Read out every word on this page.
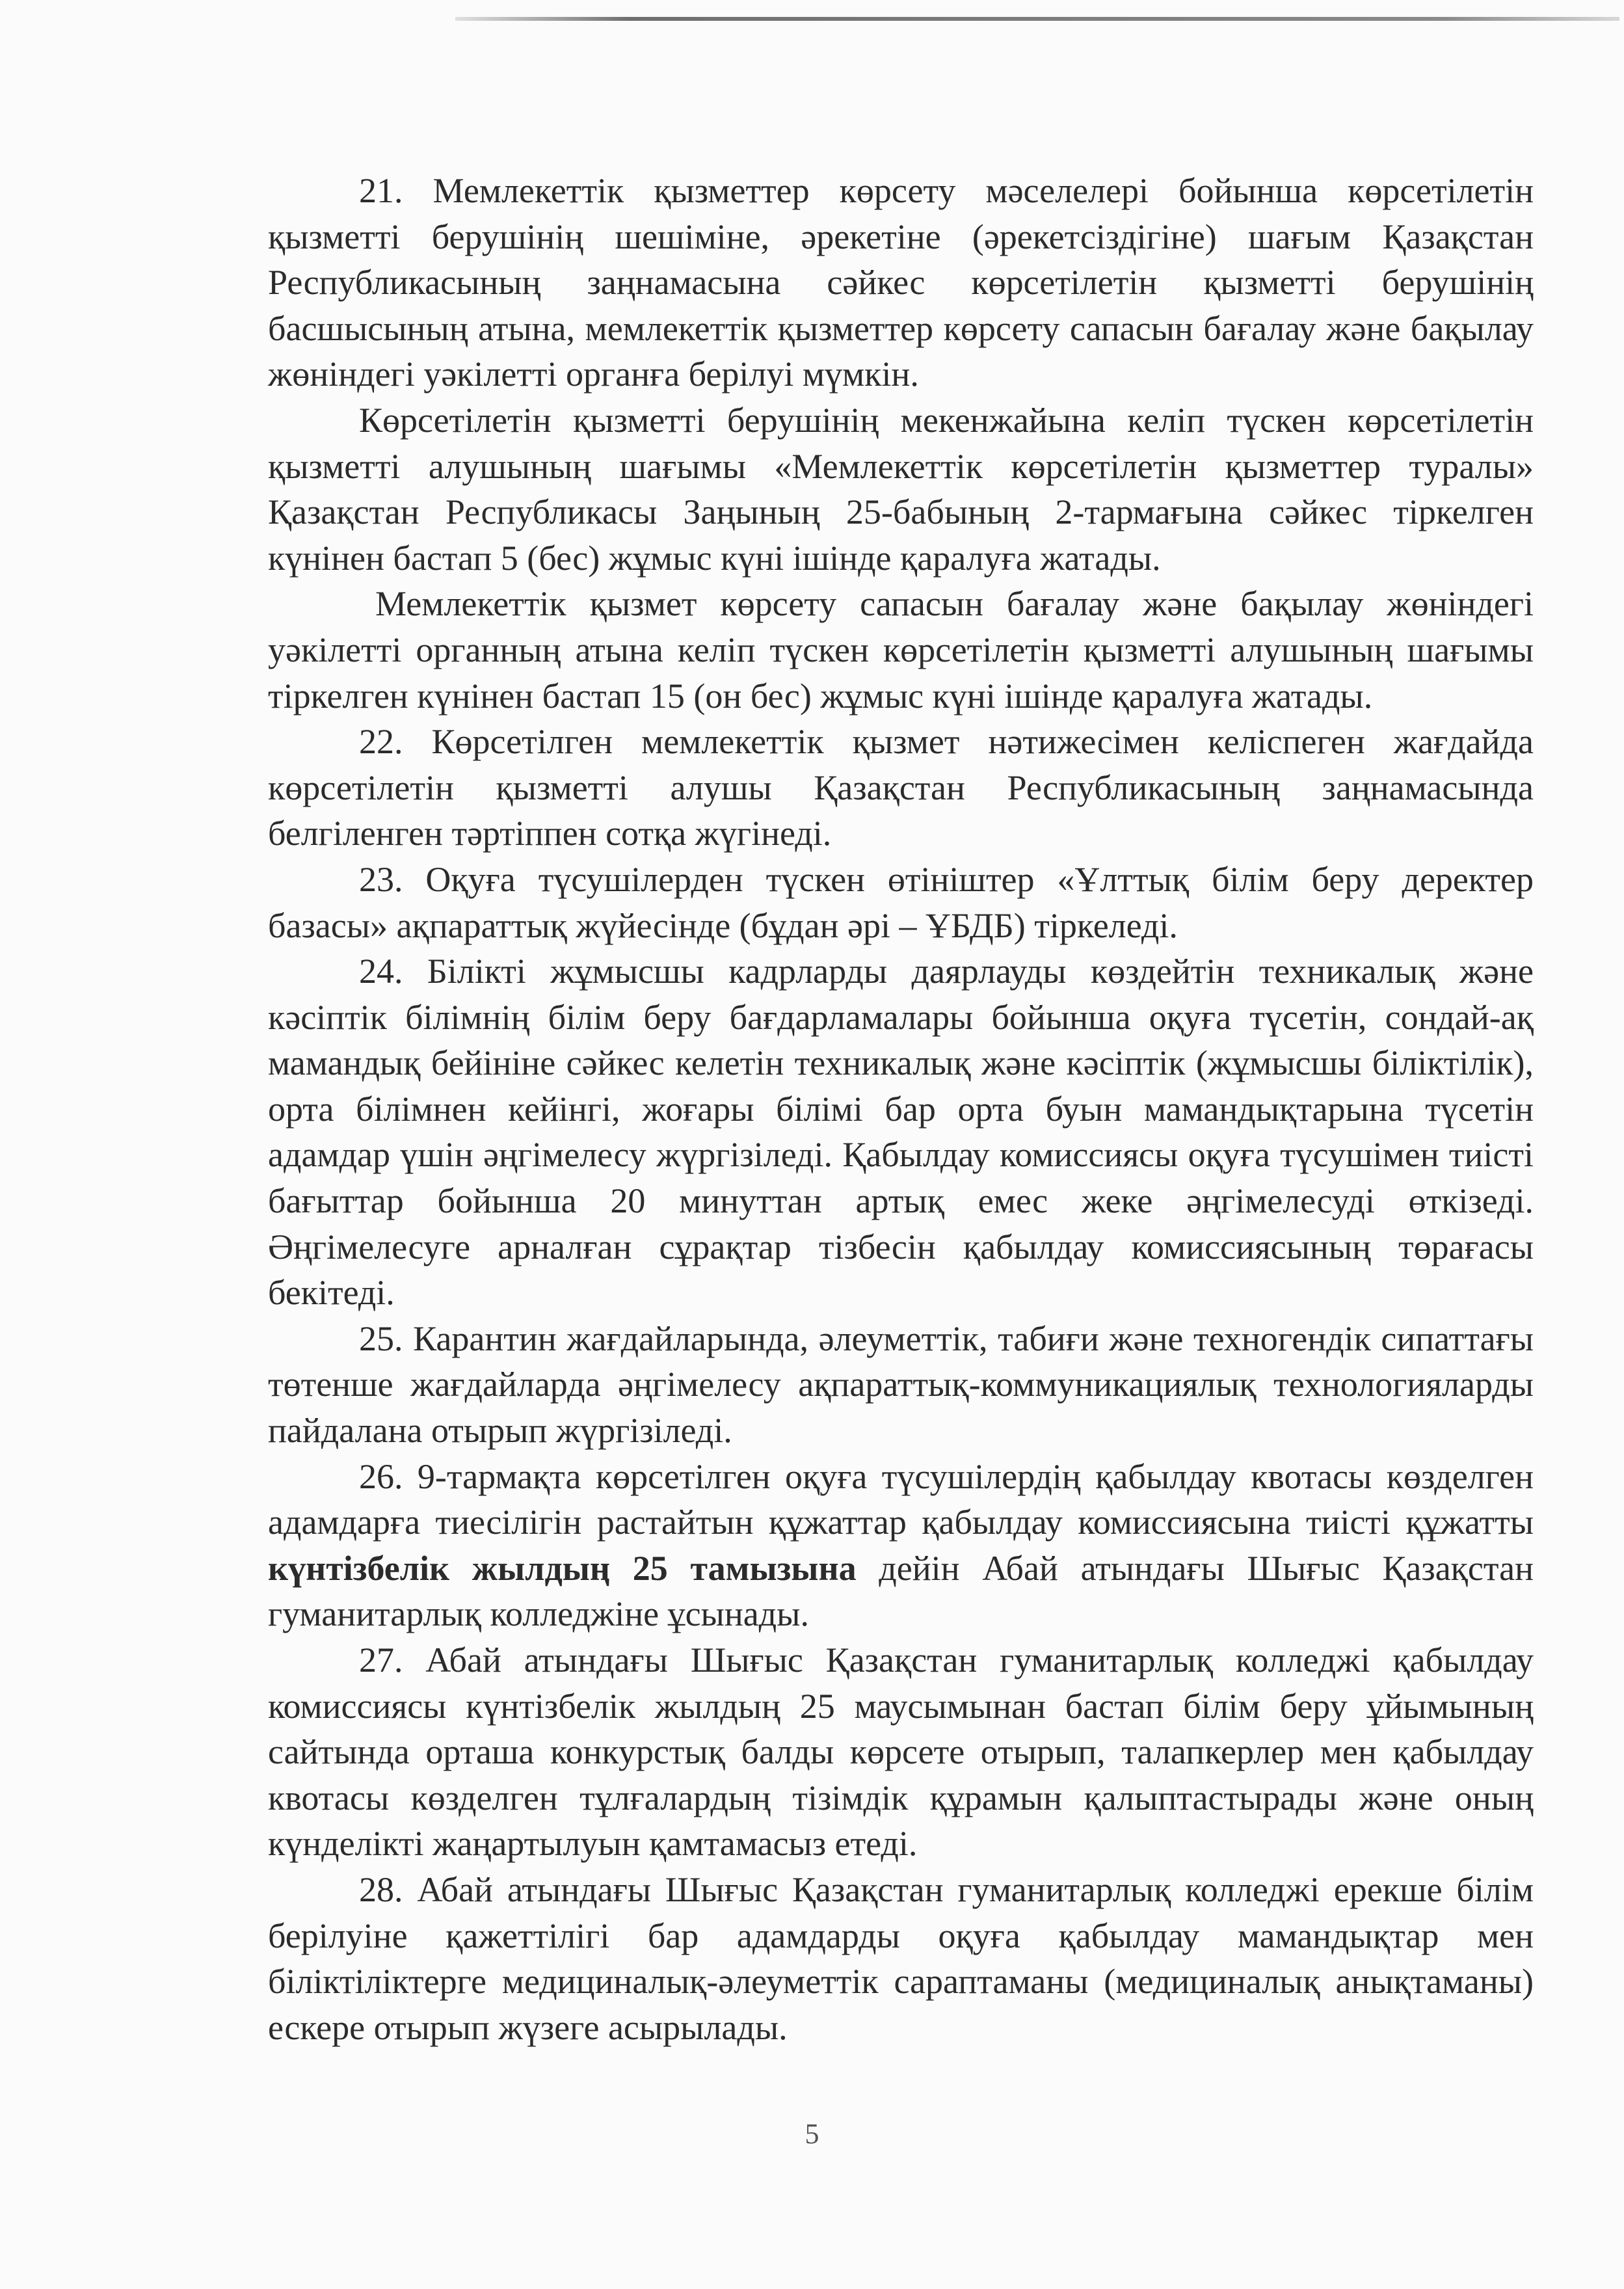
21. Мемлекеттік қызметтер көрсету мәселелері бойынша көрсетілетін қызметті берушінің шешіміне, әрекетіне (әрекетсіздігіне) шағым Қазақстан Республикасының заңнамасына сәйкес көрсетілетін қызметті берушінің басшысының атына, мемлекеттік қызметтер көрсету сапасын бағалау және бақылау жөніндегі уәкілетті органға берілуі мүмкін.

Көрсетілетін қызметті берушінің мекенжайына келіп түскен көрсетілетін қызметті алушының шағымы «Мемлекеттік көрсетілетін қызметтер туралы» Қазақстан Республикасы Заңының 25-бабының 2-тармағына сәйкес тіркелген күнінен бастап 5 (бес) жұмыс күні ішінде қаралуға жатады.

Мемлекеттік қызмет көрсету сапасын бағалау және бақылау жөніндегі уәкілетті органның атына келіп түскен көрсетілетін қызметті алушының шағымы тіркелген күнінен бастап 15 (он бес) жұмыс күні ішінде қаралуға жатады.

22. Көрсетілген мемлекеттік қызмет нәтижесімен келіспеген жағдайда көрсетілетін қызметті алушы Қазақстан Республикасының заңнамасында белгіленген тәртіппен сотқа жүгінеді.

23. Оқуға түсушілерден түскен өтініштер «Ұлттық білім беру деректер базасы» ақпараттық жүйесінде (бұдан әрі – ҰБДБ) тіркеледі.

24. Білікті жұмысшы кадрларды даярлауды көздейтін техникалық және кәсіптік білімнің білім беру бағдарламалары бойынша оқуға түсетін, сондай-ақ мамандық бейініне сәйкес келетін техникалық және кәсіптік (жұмысшы біліктілік), орта білімнен кейінгі, жоғары білімі бар орта буын мамандықтарына түсетін адамдар үшін әңгімелесу жүргізіледі. Қабылдау комиссиясы оқуға түсушімен тиісті бағыттар бойынша 20 минуттан артық емес жеке әңгімелесуді өткізеді. Әңгімелесуге арналған сұрақтар тізбесін қабылдау комиссиясының төрағасы бекітеді.

25. Карантин жағдайларында, әлеуметтік, табиғи және техногендік сипаттағы төтенше жағдайларда әңгімелесу ақпараттық-коммуникациялық технологияларды пайдалана отырып жүргізіледі.

26. 9-тармақта көрсетілген оқуға түсушілердің қабылдау квотасы көзделген адамдарға тиесілігін растайтын құжаттар қабылдау комиссиясына тиісті құжатты күнтізбелік жылдың 25 тамызына дейін Абай атындағы Шығыс Қазақстан гуманитарлық колледжіне ұсынады.

27. Абай атындағы Шығыс Қазақстан гуманитарлық колледжі қабылдау комиссиясы күнтізбелік жылдың 25 маусымынан бастап білім беру ұйымының сайтында орташа конкурстық балды көрсете отырып, талапкерлер мен қабылдау квотасы көзделген тұлғалардың тізімдік құрамын қалыптастырады және оның күнделікті жаңартылуын қамтамасыз етеді.

28. Абай атындағы Шығыс Қазақстан гуманитарлық колледжі ерекше білім берілуіне қажеттілігі бар адамдарды оқуға қабылдау мамандықтар мен біліктіліктерге медициналық-әлеуметтік сараптаманы (медициналық анықтаманы) ескере отырып жүзеге асырылады.

5
